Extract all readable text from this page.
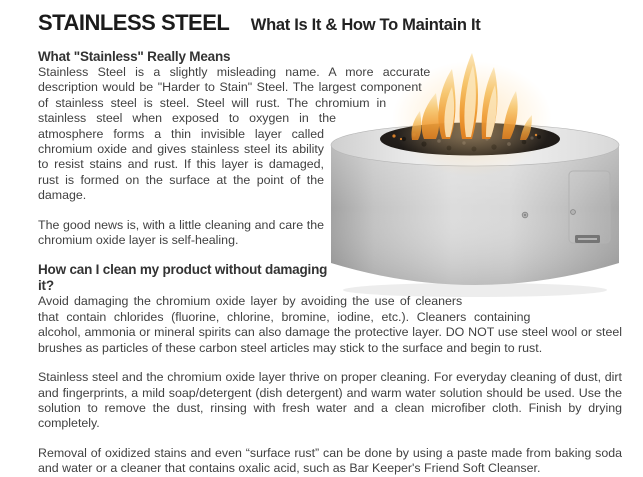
STAINLESS STEEL What Is It & How To Maintain It
What "Stainless" Really Means

Stainless Steel is a slightly misleading name. A more accurate description would be "Harder to Stain" Steel. The largest component of stainless steel is steel. Steel will rust. The chromium in stainless steel when exposed to oxygen in the atmosphere forms a thin invisible layer called chromium oxide and gives stainless steel its ability to resist stains and rust. If this layer is damaged, rust is formed on the surface at the point of the damage.

The good news is, with a little cleaning and care the chromium oxide layer is self-healing.

How can I clean my product without damaging it?

Avoid damaging the chromium oxide layer by avoiding the use of cleaners that contain chlorides (fluorine, chlorine, bromine, iodine, etc.). Cleaners containing alcohol, ammonia or mineral spirits can also damage the protective layer. DO NOT use steel wool or steel brushes as particles of these carbon steel articles may stick to the surface and begin to rust.

Stainless steel and the chromium oxide layer thrive on proper cleaning. For everyday cleaning of dust, dirt and fingerprints, a mild soap/detergent (dish detergent) and warm water solution should be used. Use the solution to remove the dust, rinsing with fresh water and a clean microfiber cloth. Finish by drying completely.

Removal of oxidized stains and even “surface rust” can be done by using a paste made from baking soda and water or a cleaner that contains oxalic acid, such as Bar Keeper's Friend Soft Cleanser.
